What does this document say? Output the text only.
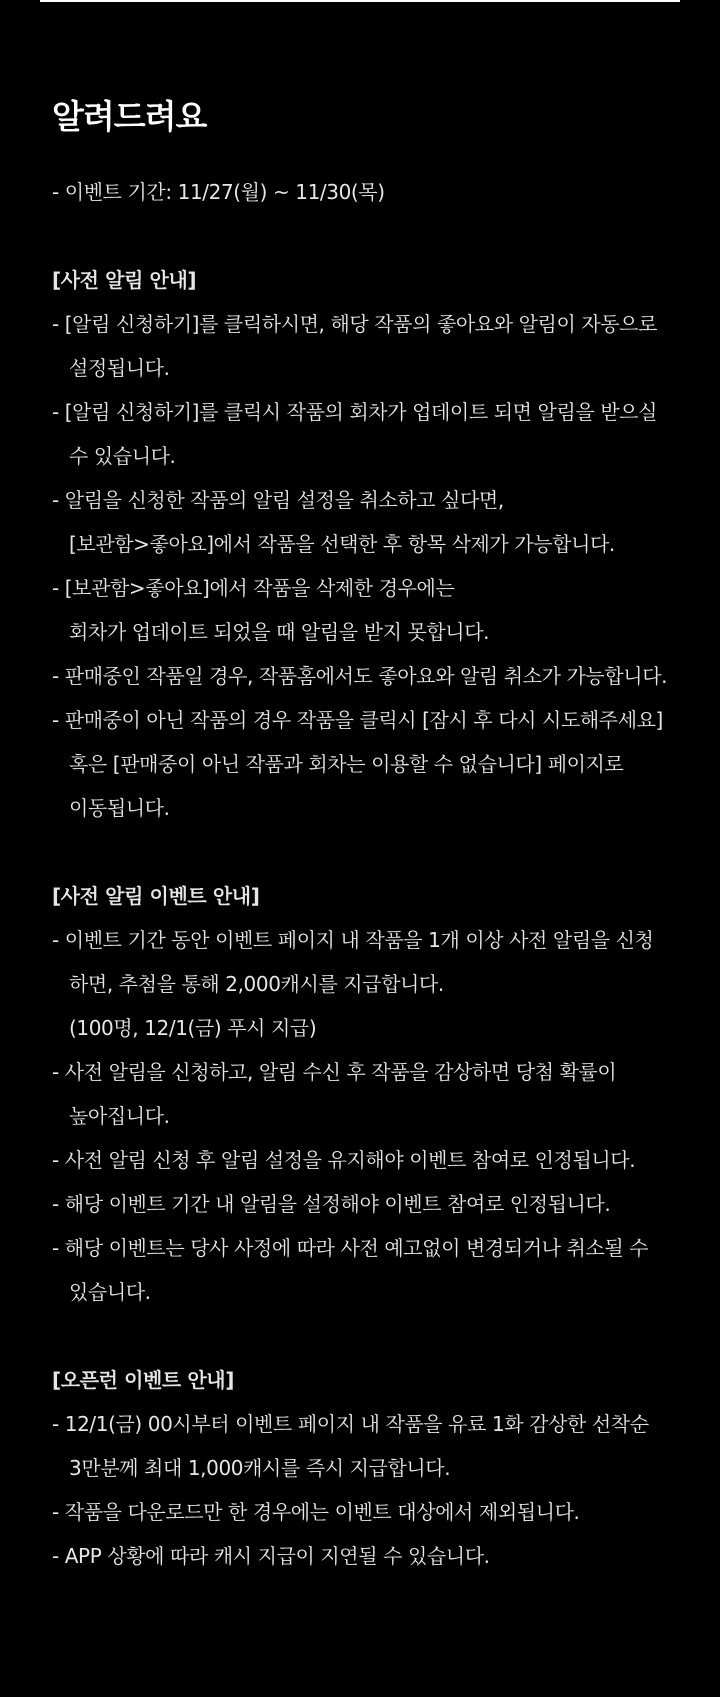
알려드려요
- 이벤트 기간: 11/27(월) ~ 11/30(목)
[사전 알림 안내]
- [알림 신청하기]를 클릭하시면, 해당 작품의 좋아요와 알림이 자동으로
설정됩니다.
- [알림 신청하기]를 클릭시 작품의 회차가 업데이트 되면 알림을 받으실
수 있습니다.
- 알림을 신청한 작품의 알림 설정을 취소하고 싶다면,
[보관함>좋아요]에서 작품을 선택한 후 항목 삭제가 가능합니다.
- [보관함>좋아요]에서 작품을 삭제한 경우에는
회차가 업데이트 되었을 때 알림을 받지 못합니다.
- 판매중인 작품일 경우, 작품홈에서도 좋아요와 알림 취소가 가능합니다.
- 판매중이 아닌 작품의 경우 작품을 클릭시 [잠시 후 다시 시도해주세요]
혹은 [판매중이 아닌 작품과 회차는 이용할 수 없습니다] 페이지로
이동됩니다.
[사전 알림 이벤트 안내]
- 이벤트 기간 동안 이벤트 페이지 내 작품을 1개 이상 사전 알림을 신청
하면, 추첨을 통해 2,000캐시를 지급합니다.
(100명, 12/1(금) 푸시 지급)
- 사전 알림을 신청하고, 알림 수신 후 작품을 감상하면 당첨 확률이
높아집니다.
- 사전 알림 신청 후 알림 설정을 유지해야 이벤트 참여로 인정됩니다.
- 해당 이벤트 기간 내 알림을 설정해야 이벤트 참여로 인정됩니다.
- 해당 이벤트는 당사 사정에 따라 사전 예고없이 변경되거나 취소될 수
있습니다.
[오픈런 이벤트 안내]
- 12/1(금) 00시부터 이벤트 페이지 내 작품을 유료 1화 감상한 선착순
3만분께 최대 1,000캐시를 즉시 지급합니다.
- 작품을 다운로드만 한 경우에는 이벤트 대상에서 제외됩니다.
- APP 상황에 따라 캐시 지급이 지연될 수 있습니다.
